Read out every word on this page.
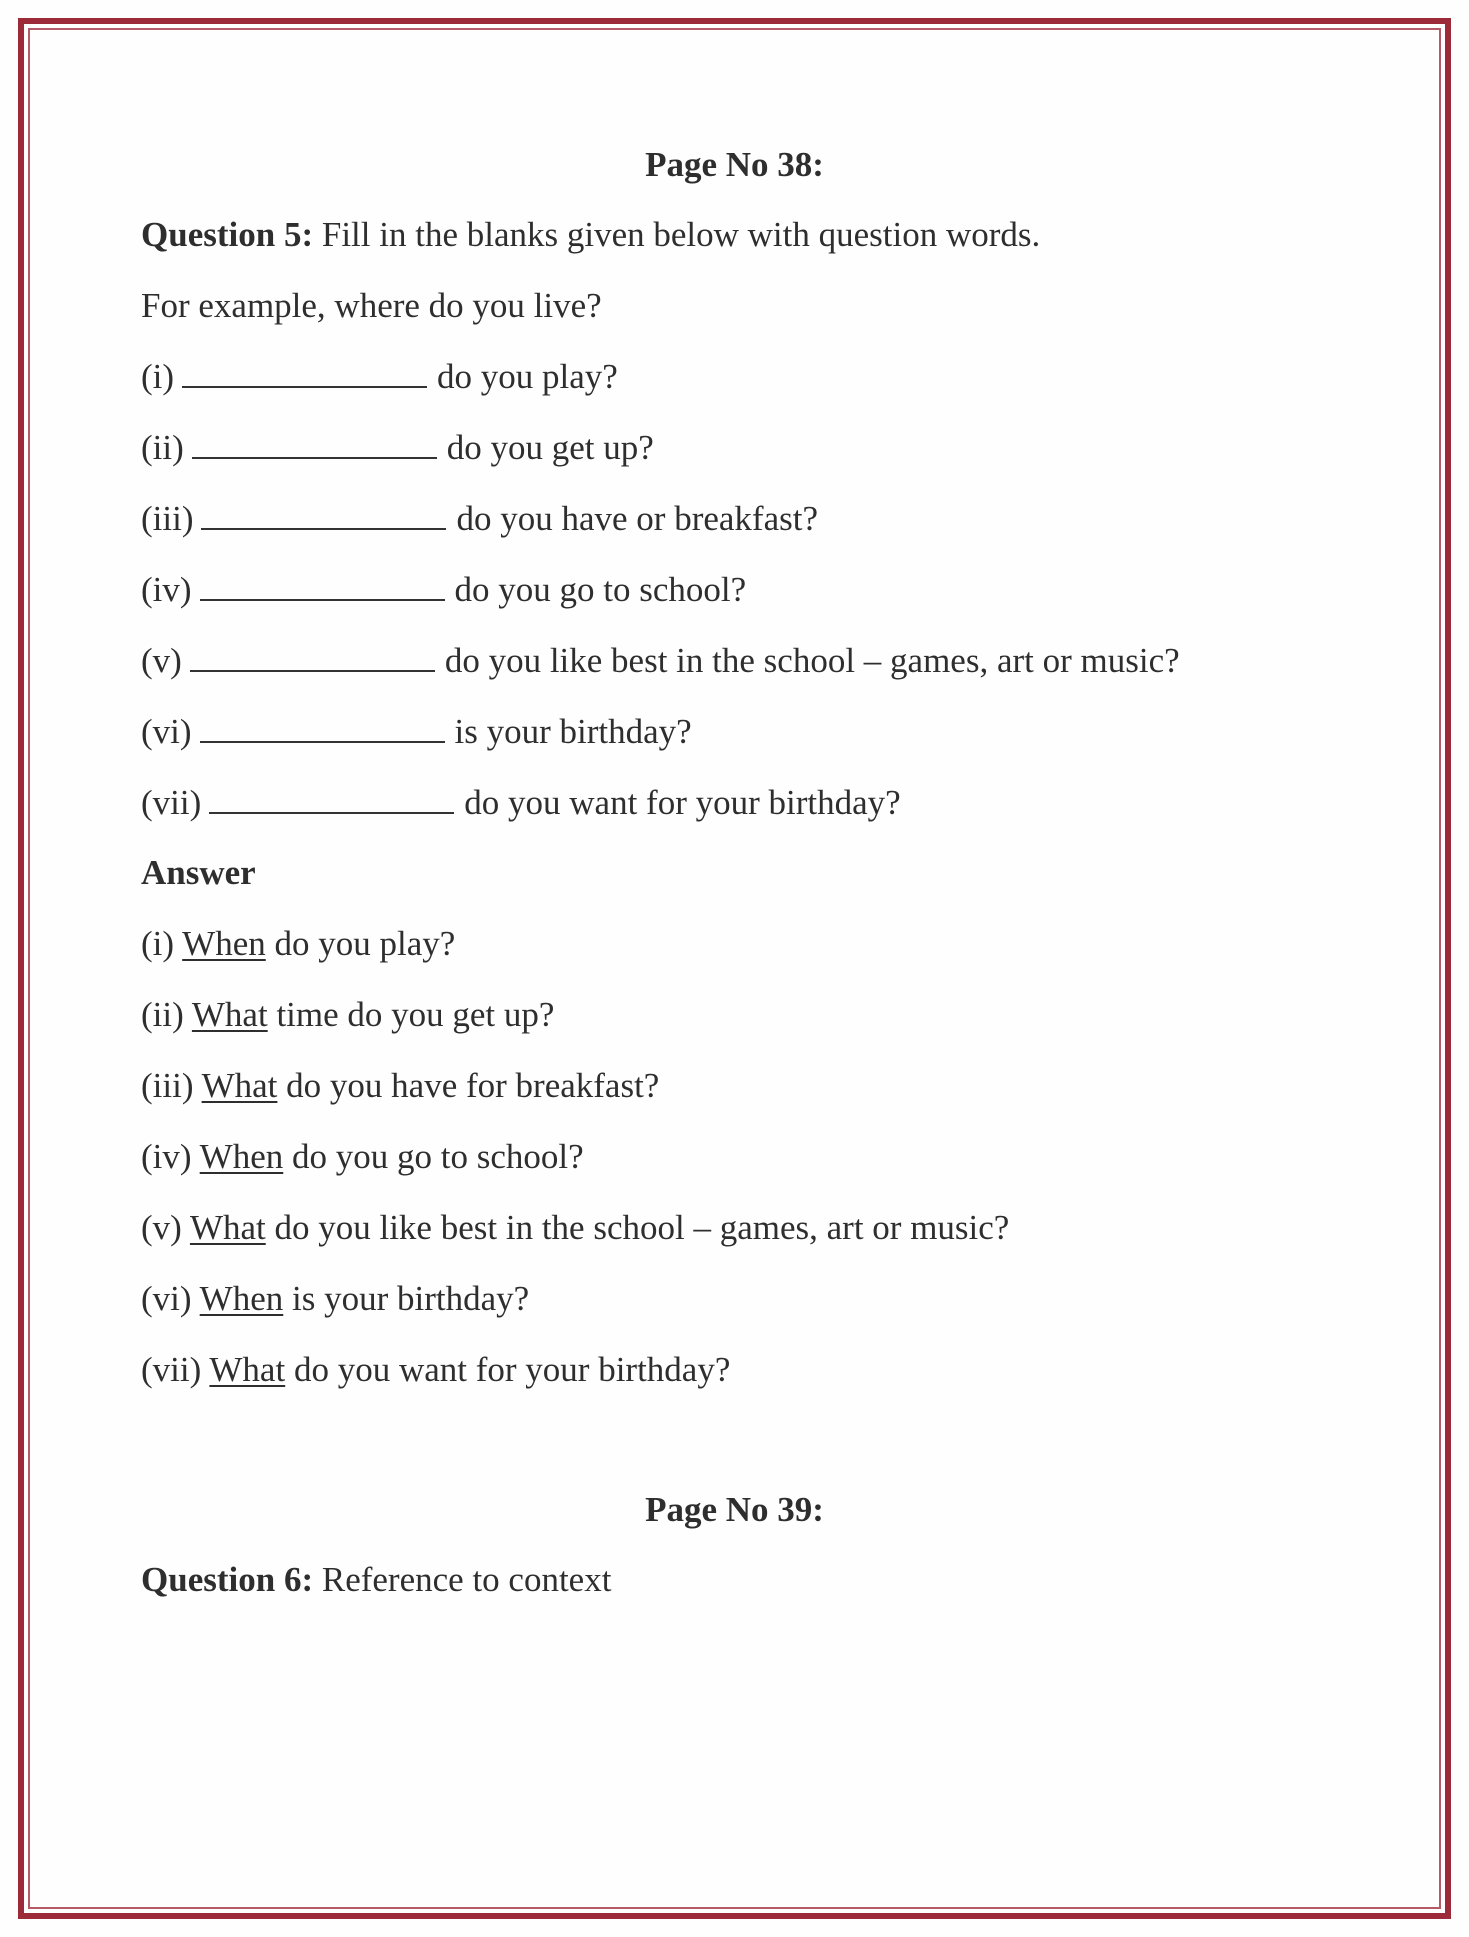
Page No 38:
Question 5: Fill in the blanks given below with question words.
For example, where do you live?
(i)	do you play?
(ii)	do you get up?
(iii)	do you have or breakfast?
(iv)	do you go to school?
(v)	do you like best in the school – games, art or music?
(vi)	is your birthday?
(vii)	do you want for your birthday?
Answer
(i) When do you play?
(ii) What time do you get up?
(iii) What do you have for breakfast?
(iv) When do you go to school?
(v) What do you like best in the school – games, art or music?
(vi) When is your birthday?
(vii) What do you want for your birthday?
Page No 39:
Question 6: Reference to context
